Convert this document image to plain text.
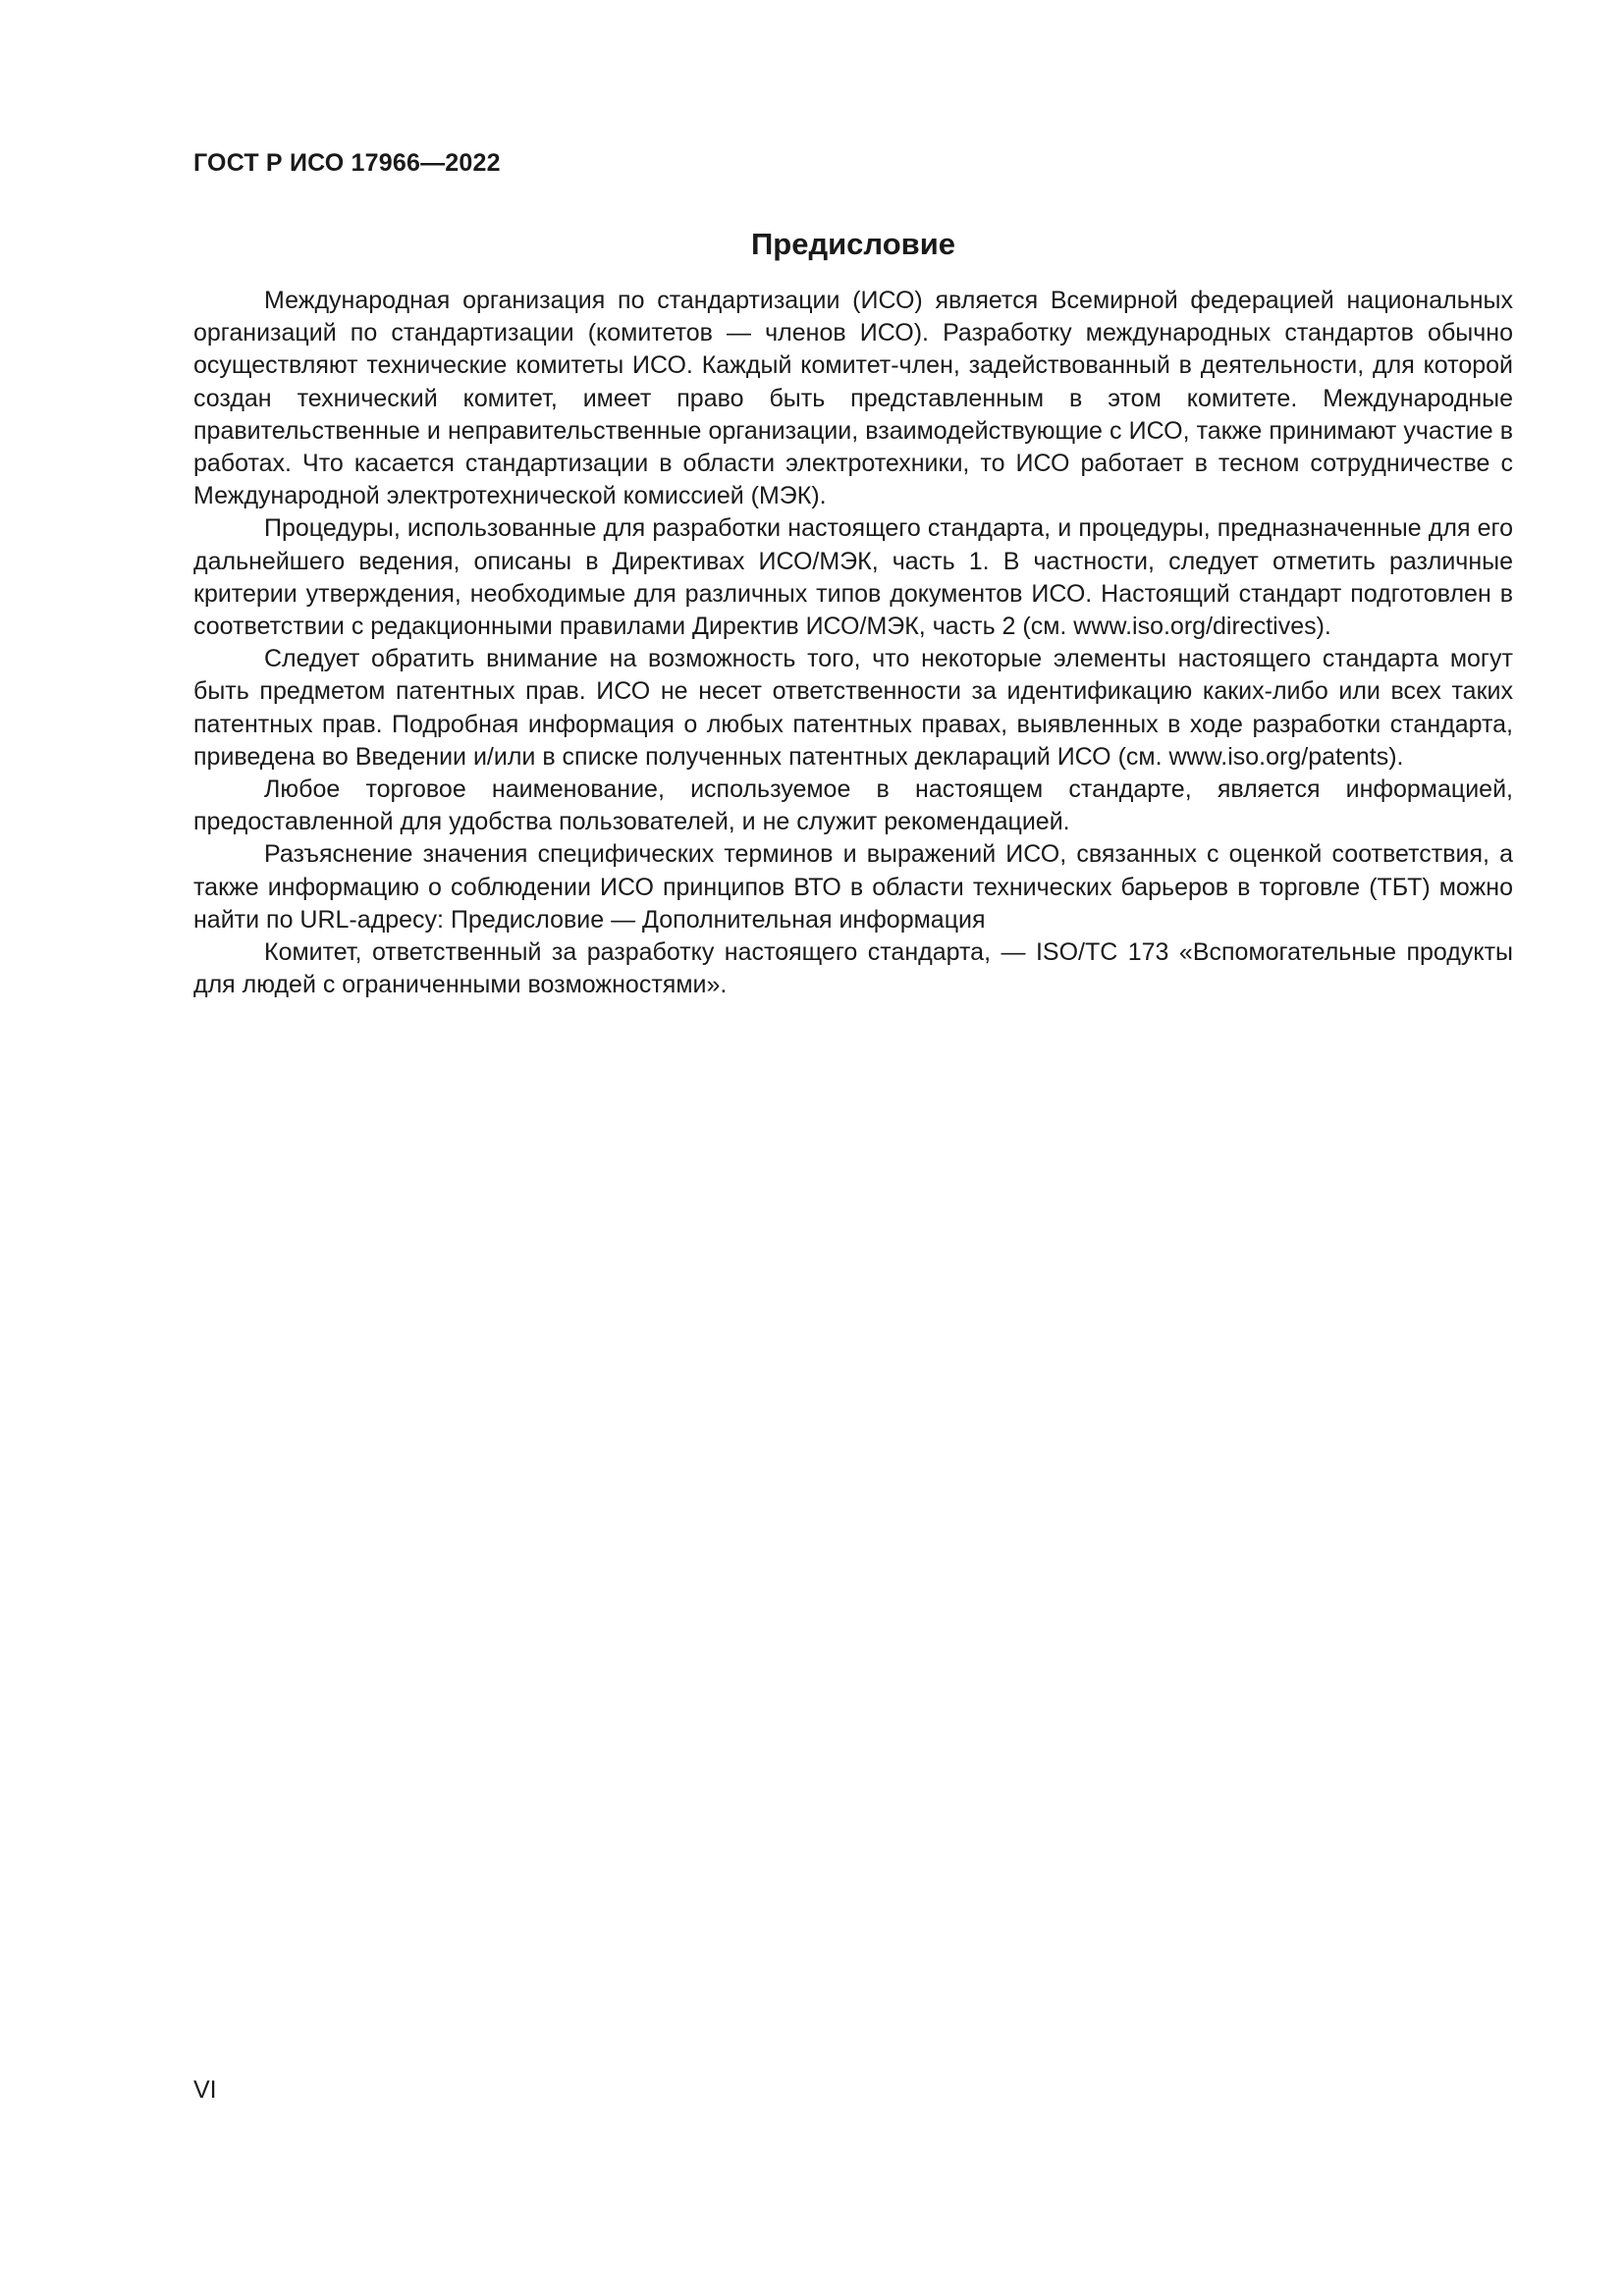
ГОСТ Р ИСО 17966—2022
Предисловие

Международная организация по стандартизации (ИСО) является Всемирной федерацией национальных организаций по стандартизации (комитетов — членов ИСО). Разработку международных стандартов обычно осуществляют технические комитеты ИСО. Каждый комитет-член, задействованный в деятельности, для которой создан технический комитет, имеет право быть представленным в этом комитете. Международные правительственные и неправительственные организации, взаимодействующие с ИСО, также принимают участие в работах. Что касается стандартизации в области электротехники, то ИСО работает в тесном сотрудничестве с Международной электротехнической комиссией (МЭК).

Процедуры, использованные для разработки настоящего стандарта, и процедуры, предназначенные для его дальнейшего ведения, описаны в Директивах ИСО/МЭК, часть 1. В частности, следует отметить различные критерии утверждения, необходимые для различных типов документов ИСО. Настоящий стандарт подготовлен в соответствии с редакционными правилами Директив ИСО/МЭК, часть 2 (см. www.iso.org/directives).

Следует обратить внимание на возможность того, что некоторые элементы настоящего стандарта могут быть предметом патентных прав. ИСО не несет ответственности за идентификацию каких-либо или всех таких патентных прав. Подробная информация о любых патентных правах, выявленных в ходе разработки стандарта, приведена во Введении и/или в списке полученных патентных деклараций ИСО (см. www.iso.org/patents).

Любое торговое наименование, используемое в настоящем стандарте, является информацией, предоставленной для удобства пользователей, и не служит рекомендацией.

Разъяснение значения специфических терминов и выражений ИСО, связанных с оценкой соответствия, а также информацию о соблюдении ИСО принципов ВТО в области технических барьеров в торговле (ТБТ) можно найти по URL-адресу: Предисловие — Дополнительная информация

Комитет, ответственный за разработку настоящего стандарта, — ISO/TC 173 «Вспомогательные продукты для людей с ограниченными возможностями».

VI
